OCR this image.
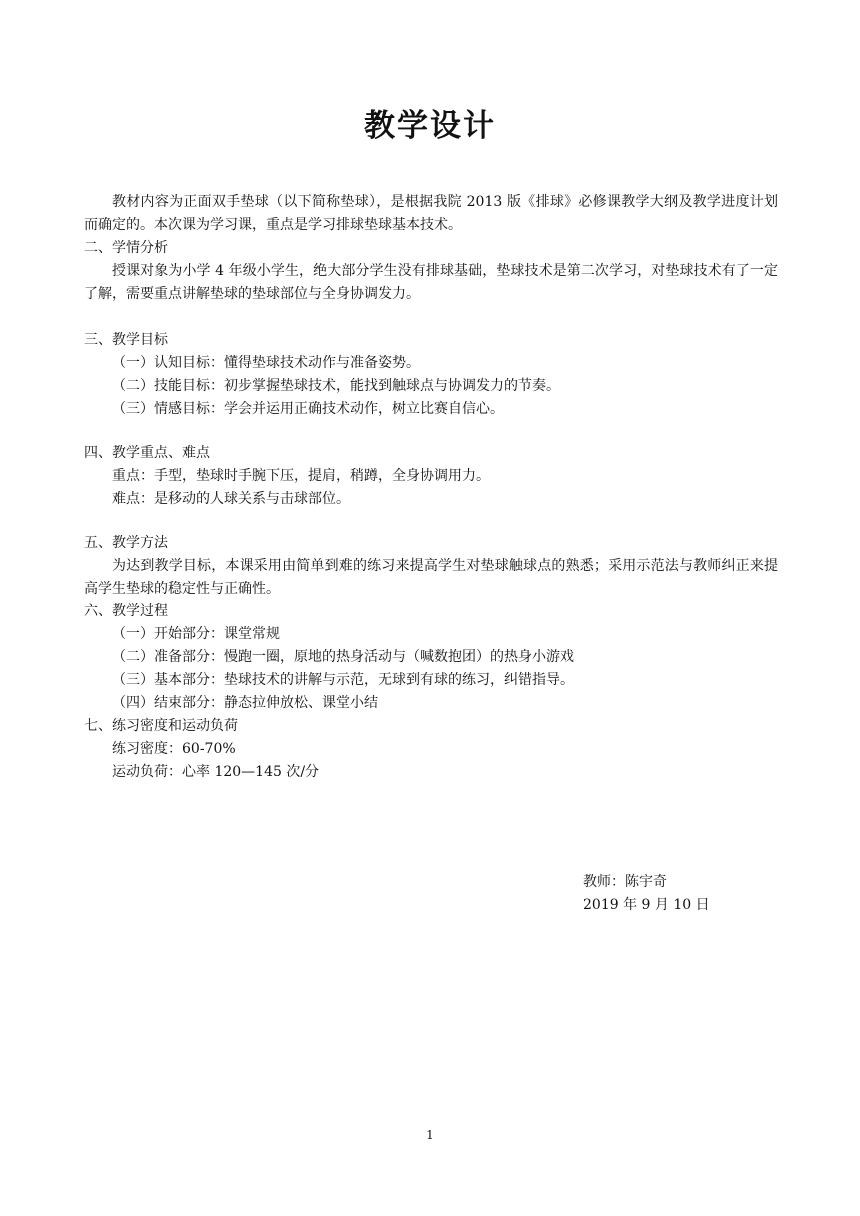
教学设计

教材内容为正面双手垫球（以下简称垫球），是根据我院 2013 版《排球》必修课教学大纲及教学进度计划而确定的。本次课为学习课，重点是学习排球垫球基本技术。

二、学情分析

授课对象为小学 4 年级小学生，绝大部分学生没有排球基础，垫球技术是第二次学习，对垫球技术有了一定了解，需要重点讲解垫球的垫球部位与全身协调发力。

三、教学目标

（一）认知目标：懂得垫球技术动作与准备姿势。

（二）技能目标：初步掌握垫球技术，能找到触球点与协调发力的节奏。

（三）情感目标：学会并运用正确技术动作，树立比赛自信心。

四、教学重点、难点

重点：手型，垫球时手腕下压，提肩，稍蹲，全身协调用力。

难点：是移动的人球关系与击球部位。

五、教学方法

为达到教学目标，本课采用由简单到难的练习来提高学生对垫球触球点的熟悉；采用示范法与教师纠正来提高学生垫球的稳定性与正确性。

六、教学过程

（一）开始部分：课堂常规

（二）准备部分：慢跑一圈，原地的热身活动与（喊数抱团）的热身小游戏

（三）基本部分：垫球技术的讲解与示范，无球到有球的练习，纠错指导。

（四）结束部分：静态拉伸放松、课堂小结

七、练习密度和运动负荷

练习密度：60-70%

运动负荷：心率 120—145 次/分

教师：陈宇奇
2019 年 9 月 10 日
1
